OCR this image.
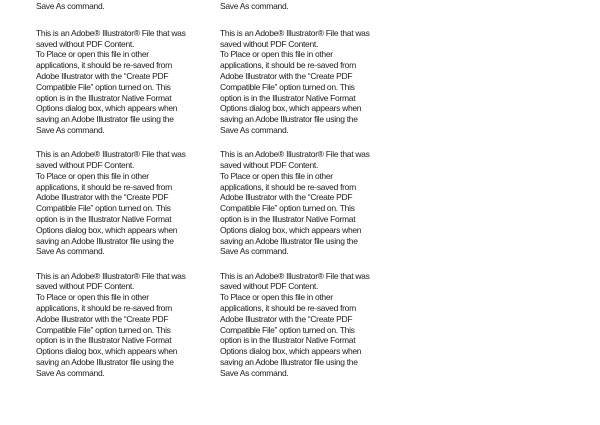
Save As command.
This is an Adobe® Illustrator® File that was
saved without PDF Content.
To Place or open this file in other
applications, it should be re-saved from
Adobe Illustrator with the “Create PDF
Compatible File” option turned on. This
option is in the Illustrator Native Format
Options dialog box, which appears when
saving an Adobe Illustrator file using the
Save As command.
This is an Adobe® Illustrator® File that was
saved without PDF Content.
To Place or open this file in other
applications, it should be re-saved from
Adobe Illustrator with the “Create PDF
Compatible File” option turned on. This
option is in the Illustrator Native Format
Options dialog box, which appears when
saving an Adobe Illustrator file using the
Save As command.
This is an Adobe® Illustrator® File that was
saved without PDF Content.
To Place or open this file in other
applications, it should be re-saved from
Adobe Illustrator with the “Create PDF
Compatible File” option turned on. This
option is in the Illustrator Native Format
Options dialog box, which appears when
saving an Adobe Illustrator file using the
Save As command.
Save As command.
This is an Adobe® Illustrator® File that was
saved without PDF Content.
To Place or open this file in other
applications, it should be re-saved from
Adobe Illustrator with the “Create PDF
Compatible File” option turned on. This
option is in the Illustrator Native Format
Options dialog box, which appears when
saving an Adobe Illustrator file using the
Save As command.
This is an Adobe® Illustrator® File that was
saved without PDF Content.
To Place or open this file in other
applications, it should be re-saved from
Adobe Illustrator with the “Create PDF
Compatible File” option turned on. This
option is in the Illustrator Native Format
Options dialog box, which appears when
saving an Adobe Illustrator file using the
Save As command.
This is an Adobe® Illustrator® File that was
saved without PDF Content.
To Place or open this file in other
applications, it should be re-saved from
Adobe Illustrator with the “Create PDF
Compatible File” option turned on. This
option is in the Illustrator Native Format
Options dialog box, which appears when
saving an Adobe Illustrator file using the
Save As command.
